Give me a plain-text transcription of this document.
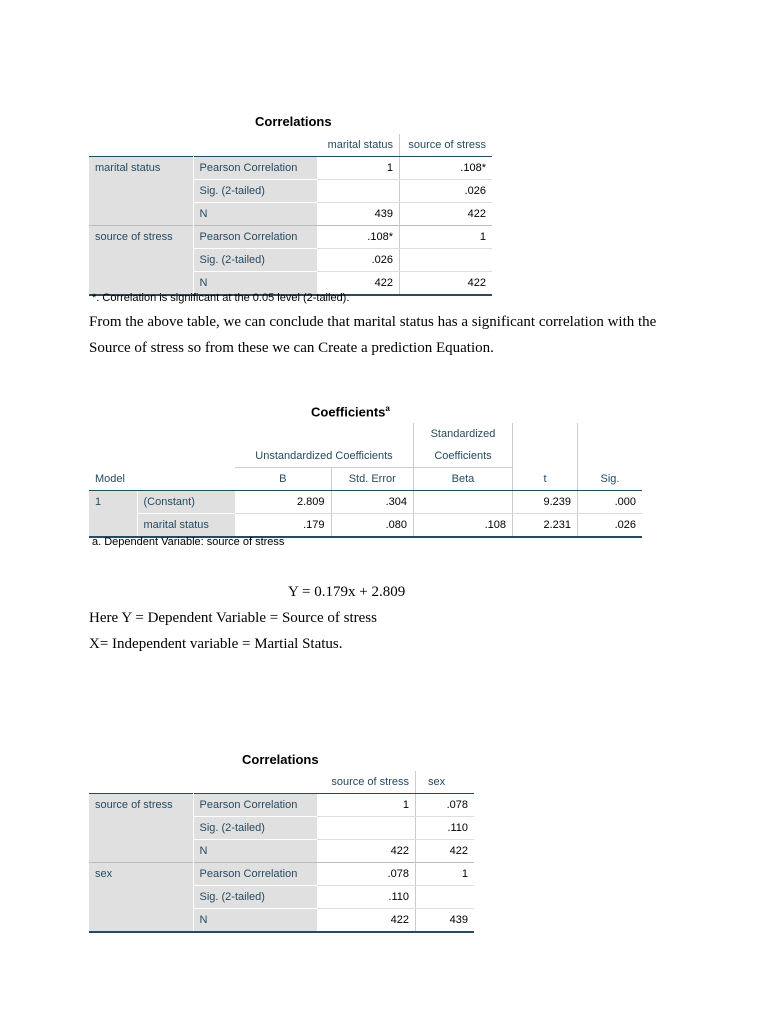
Correlations
		marital status	source of stress
marital status	Pearson Correlation	1	.108*
	Sig. (2-tailed)		.026
	N	439	422
source of stress	Pearson Correlation	.108*	1
	Sig. (2-tailed)	.026	
	N	422	422
*. Correlation is significant at the 0.05 level (2-tailed).
From the above table, we can conclude that marital status has a significant correlation with the
Source of stress so from these we can Create a prediction Equation.
Coefficients$^a$
				Standardized		
		Unstandardized Coefficients		Coefficients		
Model		B	Std. Error	Beta	t	Sig.
1	(Constant)	2.809	.304		9.239	.000
	marital status	.179	.080	.108	2.231	.026
a. Dependent Variable: source of stress
Y = 0.179x + 2.809
Here Y = Dependent Variable = Source of stress
X= Independent variable = Martial Status.
Correlations
		source of stress	sex
source of stress	Pearson Correlation	1	.078
	Sig. (2-tailed)		.110
	N	422	422
sex	Pearson Correlation	.078	1
	Sig. (2-tailed)	.110	
	N	422	439
